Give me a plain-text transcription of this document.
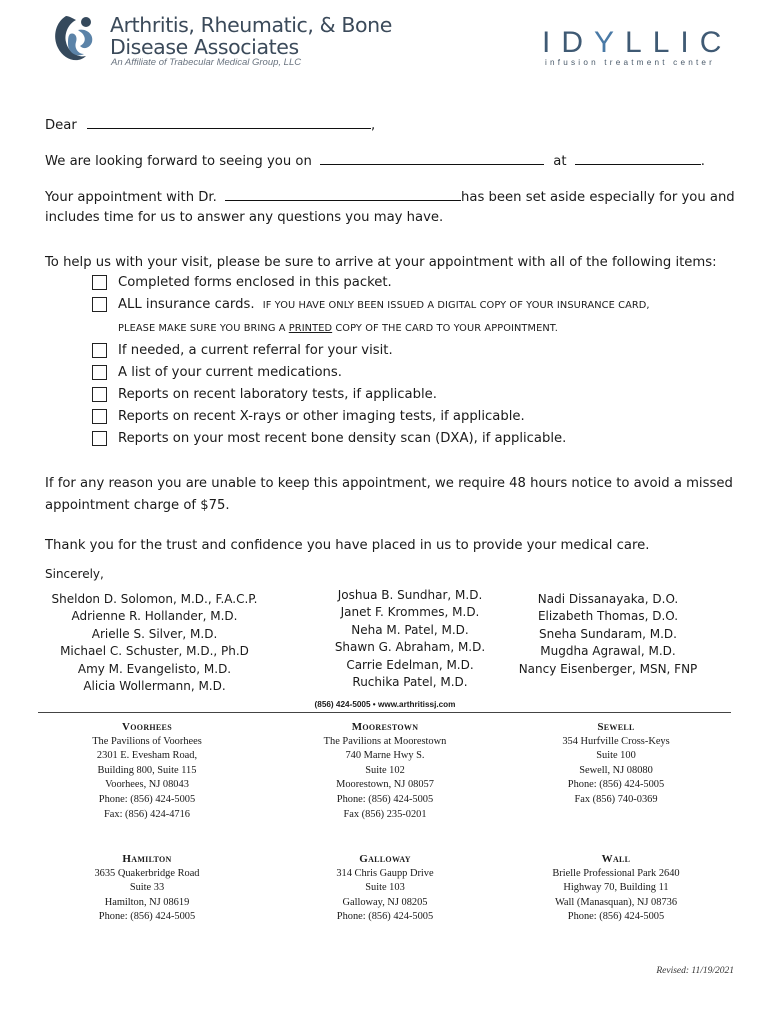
Arthritis, Rheumatic, & Bone
Disease Associates
An Affiliate of Trabecular Medical Group, LLC
IDYLLIC
infusion treatment center
Dear	,
We are looking forward to seeing you on	at	.
Your appointment with Dr.	has been set aside especially for you and
includes time for us to answer any questions you may have.
To help us with your visit, please be sure to arrive at your appointment with all of the following items:
Completed forms enclosed in this packet.
ALL insurance cards. IF YOU HAVE ONLY BEEN ISSUED A DIGITAL COPY OF YOUR INSURANCE CARD,
PLEASE MAKE SURE YOU BRING A PRINTED COPY OF THE CARD TO YOUR APPOINTMENT.
If needed, a current referral for your visit.
A list of your current medications.
Reports on recent laboratory tests, if applicable.
Reports on recent X-rays or other imaging tests, if applicable.
Reports on your most recent bone density scan (DXA), if applicable.
If for any reason you are unable to keep this appointment, we require 48 hours notice to avoid a missed
appointment charge of $75.
Thank you for the trust and confidence you have placed in us to provide your medical care.
Sincerely,
Sheldon D. Solomon, M.D., F.A.C.P.
Adrienne R. Hollander, M.D.
Arielle S. Silver, M.D.
Michael C. Schuster, M.D., Ph.D
Amy M. Evangelisto, M.D.
Alicia Wollermann, M.D.
Joshua B. Sundhar, M.D.
Janet F. Krommes, M.D.
Neha M. Patel, M.D.
Shawn G. Abraham, M.D.
Carrie Edelman, M.D.
Ruchika Patel, M.D.
Nadi Dissanayaka, D.O.
Elizabeth Thomas, D.O.
Sneha Sundaram, M.D.
Mugdha Agrawal, M.D.
Nancy Eisenberger, MSN, FNP
(856) 424-5005 • www.arthritissj.com
Voorhees
The Pavilions of Voorhees
2301 E. Evesham Road,
Building 800, Suite 115
Voorhees, NJ 08043
Phone: (856) 424-5005
Fax: (856) 424-4716
Moorestown
The Pavilions at Moorestown
740 Marne Hwy S.
Suite 102
Moorestown, NJ 08057
Phone: (856) 424-5005
Fax (856) 235-0201
Sewell
354 Hurfville Cross-Keys
Suite 100
Sewell, NJ 08080
Phone: (856) 424-5005
Fax (856) 740-0369
Hamilton
3635 Quakerbridge Road
Suite 33
Hamilton, NJ 08619
Phone: (856) 424-5005
Galloway
314 Chris Gaupp Drive
Suite 103
Galloway, NJ 08205
Phone: (856) 424-5005
Wall
Brielle Professional Park 2640
Highway 70, Building 11
Wall (Manasquan), NJ 08736
Phone: (856) 424-5005
Revised: 11/19/2021
